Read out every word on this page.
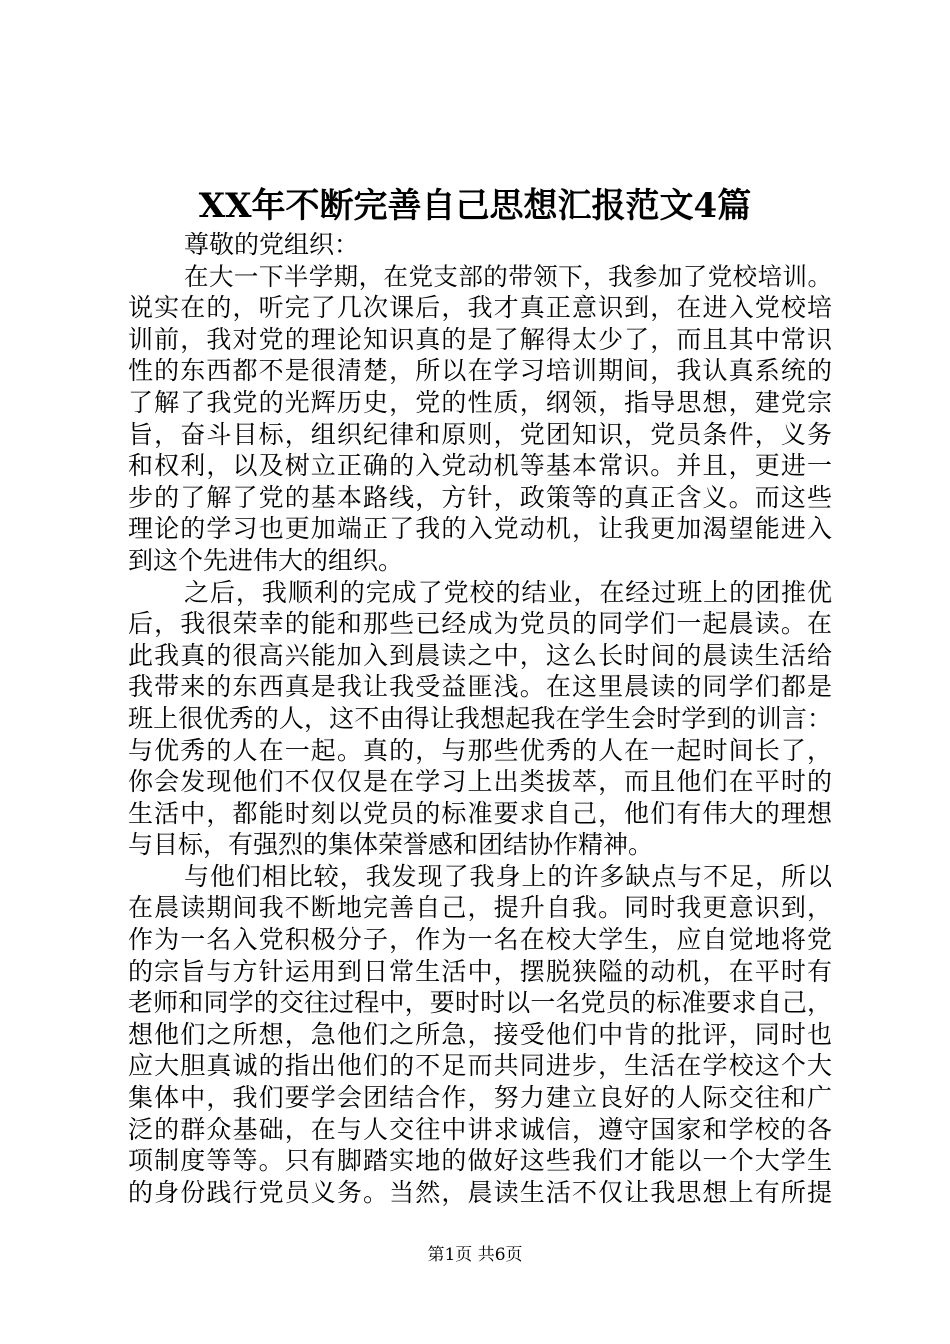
XX年不断完善自己思想汇报范文4篇
尊敬的党组织：
在大一下半学期，在党支部的带领下，我参加了党校培训。
说实在的，听完了几次课后，我才真正意识到，在进入党校培
训前，我对党的理论知识真的是了解得太少了，而且其中常识
性的东西都不是很清楚，所以在学习培训期间，我认真系统的
了解了我党的光辉历史，党的性质，纲领，指导思想，建党宗
旨，奋斗目标，组织纪律和原则，党团知识，党员条件，义务
和权利，以及树立正确的入党动机等基本常识。并且，更进一
步的了解了党的基本路线，方针，政策等的真正含义。而这些
理论的学习也更加端正了我的入党动机，让我更加渴望能进入
到这个先进伟大的组织。
之后，我顺利的完成了党校的结业，在经过班上的团推优
后，我很荣幸的能和那些已经成为党员的同学们一起晨读。在
此我真的很高兴能加入到晨读之中，这么长时间的晨读生活给
我带来的东西真是我让我受益匪浅。在这里晨读的同学们都是
班上很优秀的人，这不由得让我想起我在学生会时学到的训言：
与优秀的人在一起。真的，与那些优秀的人在一起时间长了，
你会发现他们不仅仅是在学习上出类拔萃，而且他们在平时的
生活中，都能时刻以党员的标准要求自己，他们有伟大的理想
与目标，有强烈的集体荣誉感和团结协作精神。
与他们相比较，我发现了我身上的许多缺点与不足，所以
在晨读期间我不断地完善自己，提升自我。同时我更意识到，
作为一名入党积极分子，作为一名在校大学生，应自觉地将党
的宗旨与方针运用到日常生活中，摆脱狭隘的动机，在平时有
老师和同学的交往过程中，要时时以一名党员的标准要求自己，
想他们之所想，急他们之所急，接受他们中肯的批评，同时也
应大胆真诚的指出他们的不足而共同进步，生活在学校这个大
集体中，我们要学会团结合作，努力建立良好的人际交往和广
泛的群众基础，在与人交往中讲求诚信，遵守国家和学校的各
项制度等等。只有脚踏实地的做好这些我们才能以一个大学生
的身份践行党员义务。当然，晨读生活不仅让我思想上有所提
第1页 共6页
